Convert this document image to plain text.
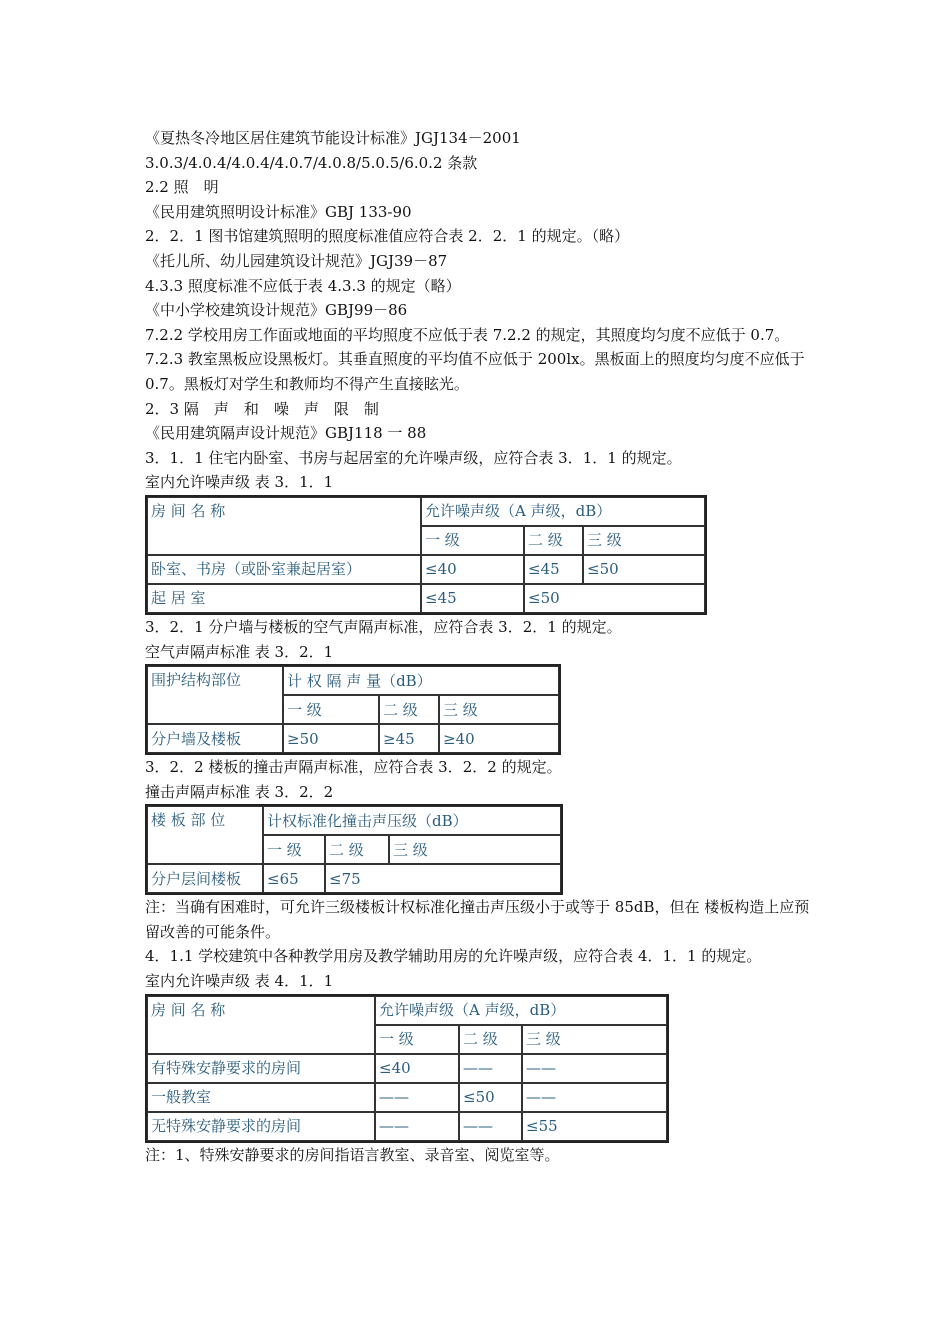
《夏热冬冷地区居住建筑节能设计标准》JGJ134－2001
3.0.3/4.0.4/4.0.4/4.0.7/4.0.8/5.0.5/6.0.2 条款
2.2 照　明
《民用建筑照明设计标准》GBJ 133-90
2．2．1 图书馆建筑照明的照度标准值应符合表 2．2．1 的规定。（略）
《托儿所、幼儿园建筑设计规范》JGJ39－87
4.3.3 照度标准不应低于表 4.3.3 的规定（略）
《中小学校建筑设计规范》GBJ99－86
7.2.2 学校用房工作面或地面的平均照度不应低于表 7.2.2 的规定，其照度均匀度不应低于 0.7。
7.2.3 教室黑板应设黑板灯。其垂直照度的平均值不应低于 200lx。黑板面上的照度均匀度不应低于 0.7。黑板灯对学生和教师均不得产生直接眩光。
2．3 隔　声　和　噪　声　限　制
《民用建筑隔声设计规范》GBJ118 一 88
3．1．1 住宅内卧室、书房与起居室的允许噪声级，应符合表 3．1．1 的规定。
室内允许噪声级 表 3．1．1
房 间 名 称	允许噪声级（A 声级，dB）		
	一 级	二 级	三 级
卧室、书房（或卧室兼起居室）	≤40	≤45	≤50
起 居 室	≤45	≤50	
3．2．1 分户墙与楼板的空气声隔声标准，应符合表 3．2．1 的规定。
空气声隔声标准 表 3．2．1
围护结构部位	计 权 隔 声 量（dB）		
	一 级	二 级	三 级
分户墙及楼板	≥50	≥45	≥40
3．2．2 楼板的撞击声隔声标准，应符合表 3．2．2 的规定。
撞击声隔声标准 表 3．2．2
楼 板 部 位	计权标准化撞击声压级（dB）		
	一 级	二 级	三 级
分户层间楼板	≤65	≤75	
注：当确有困难时，可允许三级楼板计权标准化撞击声压级小于或等于 85dB，但在 楼板构造上应预留改善的可能条件。
4．1.1 学校建筑中各种教学用房及教学辅助用房的允许噪声级，应符合表 4．1．1 的规定。
室内允许噪声级 表 4．1．1
房 间 名 称	允许噪声级（A 声级，dB）		
	一 级	二 级	三 级
有特殊安静要求的房间	≤40	——	——
一般教室	——	≤50	——
无特殊安静要求的房间	——	——	≤55
注：1、特殊安静要求的房间指语言教室、录音室、阅览室等。
